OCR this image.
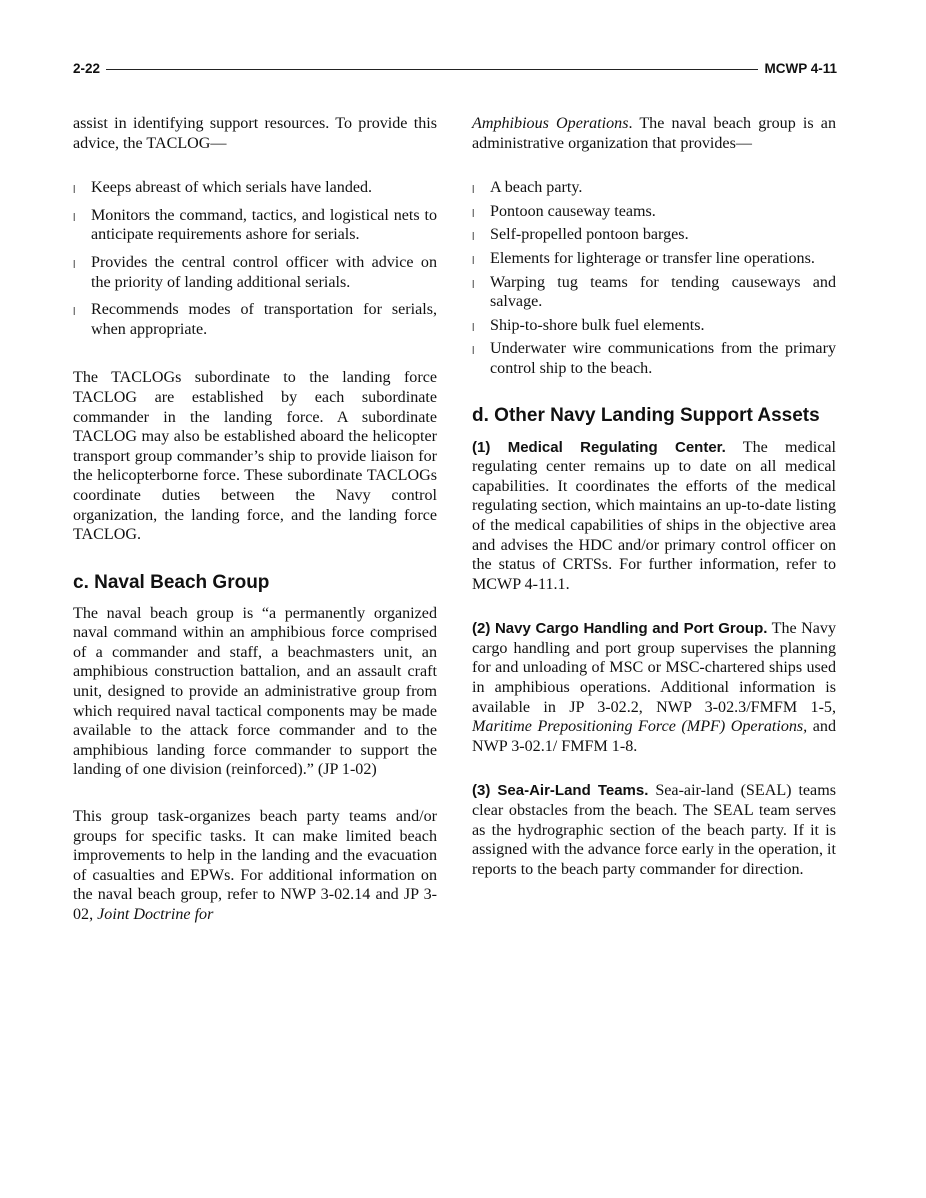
2-22	MCWP 4-11

assist in identifying support resources. To provide this advice, the TACLOG—

l Keeps abreast of which serials have landed.
l Monitors the command, tactics, and logistical nets to anticipate requirements ashore for serials.
l Provides the central control officer with advice on the priority of landing additional serials.
l Recommends modes of transportation for serials, when appropriate.

The TACLOGs subordinate to the landing force TACLOG are established by each subordinate commander in the landing force. A subordinate TACLOG may also be established aboard the helicopter transport group commander’s ship to provide liaison for the helicopterborne force. These subordinate TACLOGs coordinate duties between the Navy control organization, the landing force, and the landing force TACLOG.

c. Naval Beach Group

The naval beach group is “a permanently organized naval command within an amphibious force comprised of a commander and staff, a beachmasters unit, an amphibious construction battalion, and an assault craft unit, designed to provide an administrative group from which required naval tactical components may be made available to the attack force commander and to the amphibious landing force commander to support the landing of one division (reinforced).” (JP 1-02)

This group task-organizes beach party teams and/or groups for specific tasks. It can make limited beach improvements to help in the landing and the evacuation of casualties and EPWs. For additional information on the naval beach group, refer to NWP 3-02.14 and JP 3-02, Joint Doctrine for

Amphibious Operations. The naval beach group is an administrative organization that provides—

l A beach party.
l Pontoon causeway teams.
l Self-propelled pontoon barges.
l Elements for lighterage or transfer line operations.
l Warping tug teams for tending causeways and salvage.
l Ship-to-shore bulk fuel elements.
l Underwater wire communications from the primary control ship to the beach.
d. Other Navy Landing Support Assets

(1) Medical Regulating Center. The medical regulating center remains up to date on all medical capabilities. It coordinates the efforts of the medical regulating section, which maintains an up-to-date listing of the medical capabilities of ships in the objective area and advises the HDC and/or primary control officer on the status of CRTSs. For further information, refer to MCWP 4-11.1.

(2) Navy Cargo Handling and Port Group. The Navy cargo handling and port group supervises the planning for and unloading of MSC or MSC-chartered ships used in amphibious operations. Additional information is available in JP 3-02.2, NWP 3-02.3/FMFM 1-5, Maritime Prepositioning Force (MPF) Operations, and NWP 3-02.1/ FMFM 1-8.

(3) Sea-Air-Land Teams. Sea-air-land (SEAL) teams clear obstacles from the beach. The SEAL team serves as the hydrographic section of the beach party. If it is assigned with the advance force early in the operation, it reports to the beach party commander for direction.
